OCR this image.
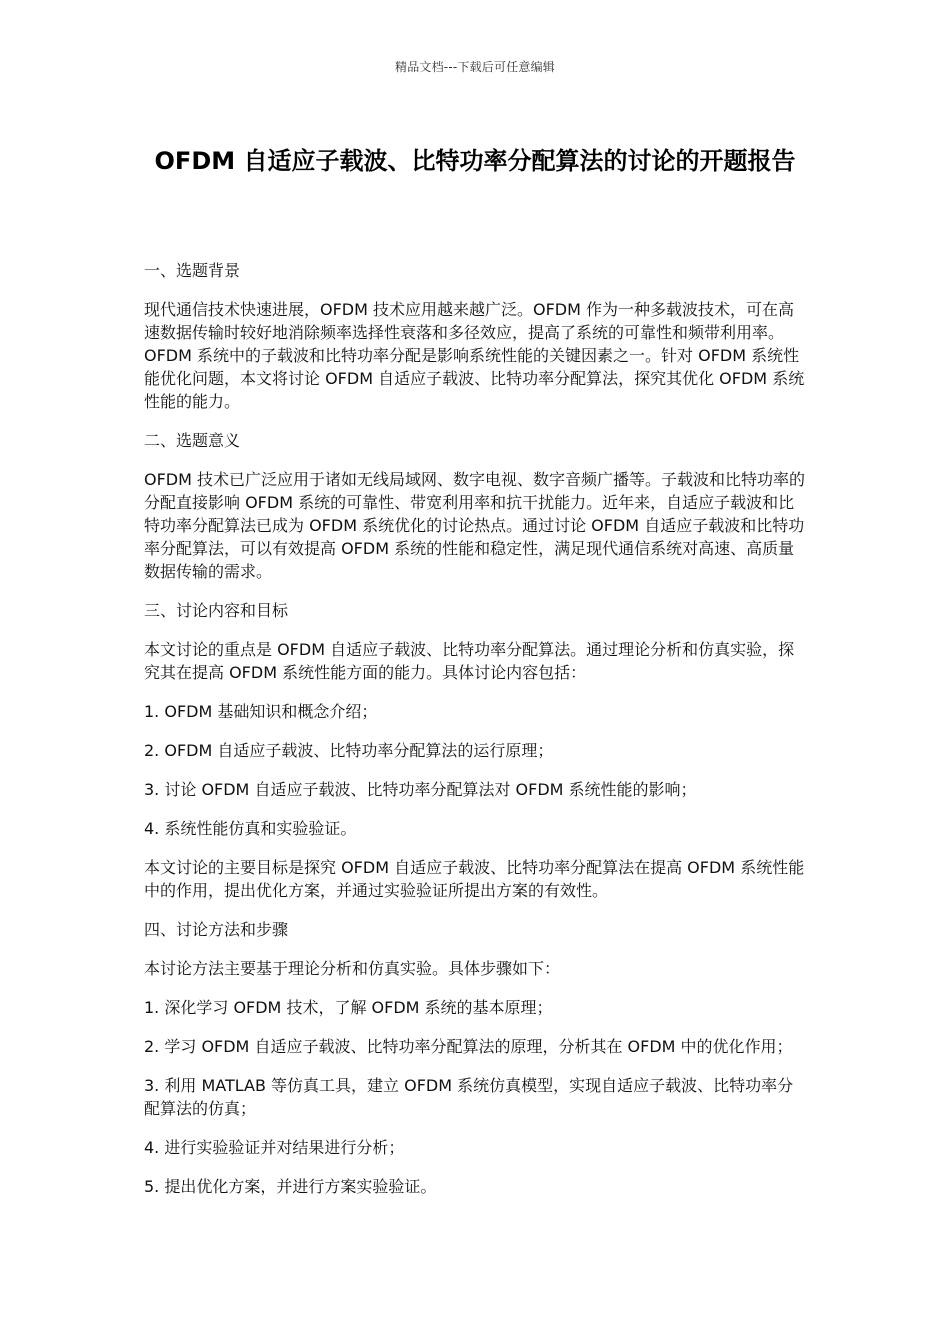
精品文档---下载后可任意编辑
OFDM 自适应子载波、比特功率分配算法的讨论的开题报告
一、选题背景

现代通信技术快速进展，OFDM 技术应用越来越广泛。OFDM 作为一种多载波技术，可在高速数据传输时较好地消除频率选择性衰落和多径效应，提高了系统的可靠性和频带利用率。OFDM 系统中的子载波和比特功率分配是影响系统性能的关键因素之一。针对 OFDM 系统性能优化问题，本文将讨论 OFDM 自适应子载波、比特功率分配算法，探究其优化 OFDM 系统性能的能力。

二、选题意义

OFDM 技术已广泛应用于诸如无线局域网、数字电视、数字音频广播等。子载波和比特功率的分配直接影响 OFDM 系统的可靠性、带宽利用率和抗干扰能力。近年来，自适应子载波和比特功率分配算法已成为 OFDM 系统优化的讨论热点。通过讨论 OFDM 自适应子载波和比特功率分配算法，可以有效提高 OFDM 系统的性能和稳定性，满足现代通信系统对高速、高质量数据传输的需求。

三、讨论内容和目标

本文讨论的重点是 OFDM 自适应子载波、比特功率分配算法。通过理论分析和仿真实验，探究其在提高 OFDM 系统性能方面的能力。具体讨论内容包括：

1. OFDM 基础知识和概念介绍；
2. OFDM 自适应子载波、比特功率分配算法的运行原理；
3. 讨论 OFDM 自适应子载波、比特功率分配算法对 OFDM 系统性能的影响；
4. 系统性能仿真和实验验证。

本文讨论的主要目标是探究 OFDM 自适应子载波、比特功率分配算法在提高 OFDM 系统性能中的作用，提出优化方案，并通过实验验证所提出方案的有效性。

四、讨论方法和步骤

本讨论方法主要基于理论分析和仿真实验。具体步骤如下：

1. 深化学习 OFDM 技术，了解 OFDM 系统的基本原理；
2. 学习 OFDM 自适应子载波、比特功率分配算法的原理，分析其在 OFDM 中的优化作用；
3. 利用 MATLAB 等仿真工具，建立 OFDM 系统仿真模型，实现自适应子载波、比特功率分配算法的仿真；
4. 进行实验验证并对结果进行分析；
5. 提出优化方案，并进行方案实验验证。
